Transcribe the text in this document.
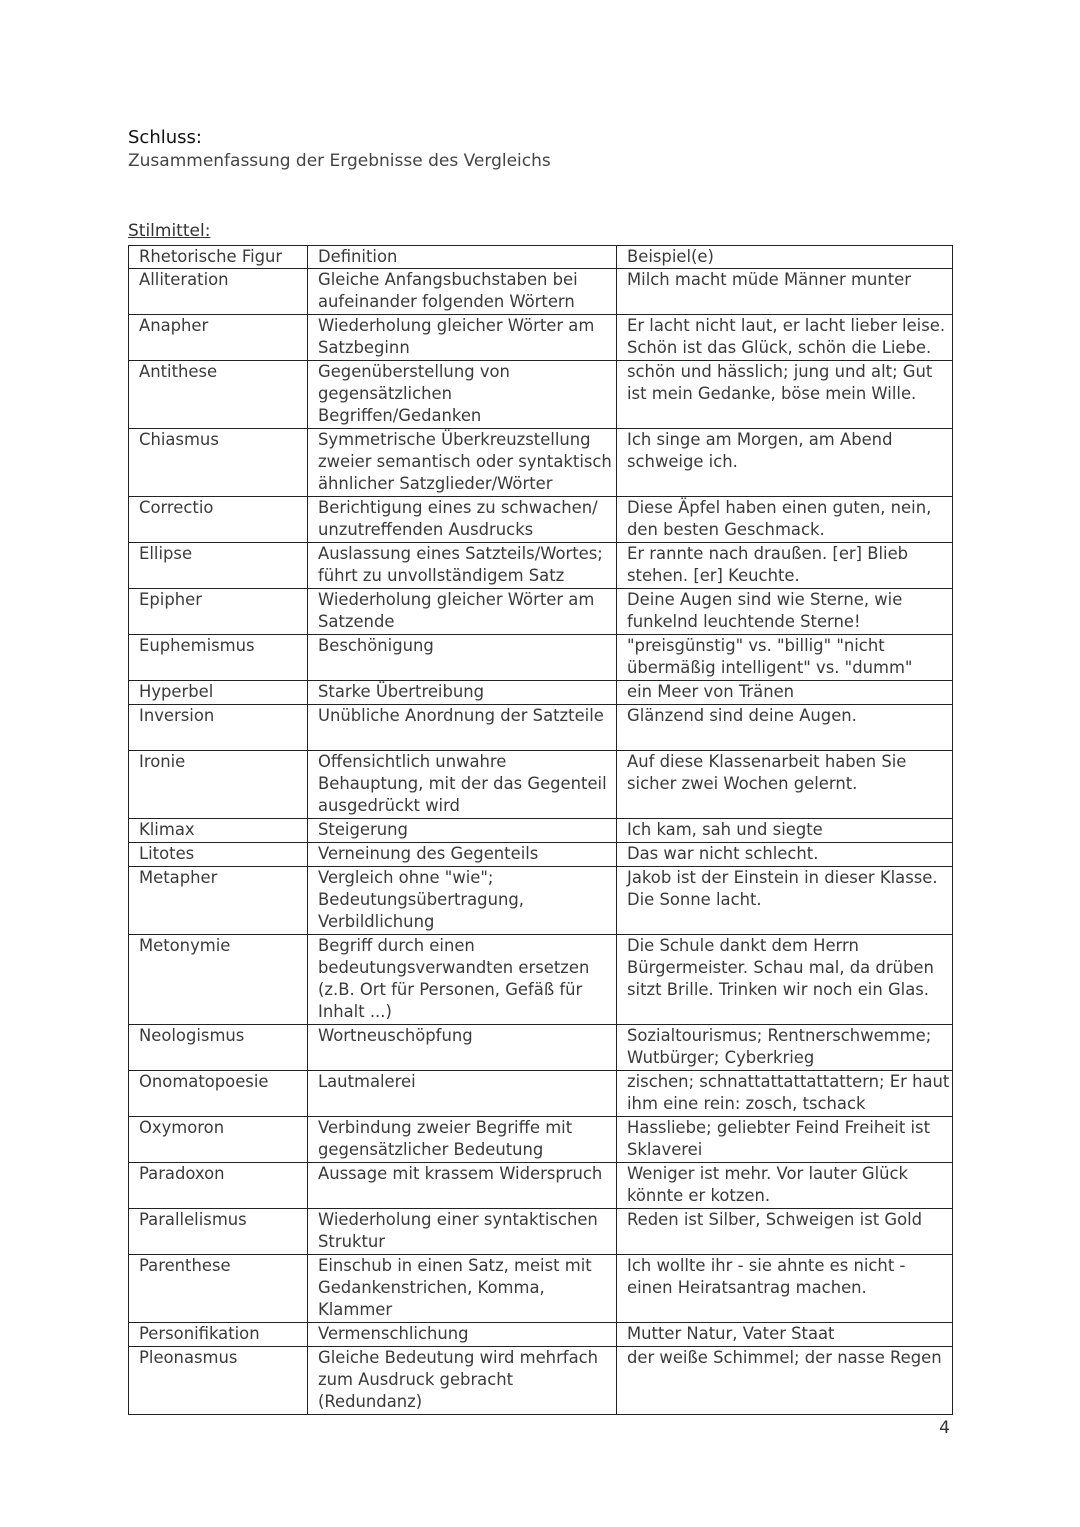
Schluss:

Zusammenfassung der Ergebnisse des Vergleichs

Stilmittel:

Rhetorische Figur	Definition	Beispiel(e)
Alliteration	Gleiche Anfangsbuchstaben bei aufeinander folgenden Wörtern	Milch macht müde Männer munter
Anapher	Wiederholung gleicher Wörter am Satzbeginn	Er lacht nicht laut, er lacht lieber leise. Schön ist das Glück, schön die Liebe.
Antithese	Gegenüberstellung von gegensätzlichen Begriffen/Gedanken	schön und hässlich; jung und alt; Gut ist mein Gedanke, böse mein Wille.
Chiasmus	Symmetrische Überkreuzstellung zweier semantisch oder syntaktisch ähnlicher Satzglieder/Wörter	Ich singe am Morgen, am Abend schweige ich.
Correctio	Berichtigung eines zu schwachen/ unzutreffenden Ausdrucks	Diese Äpfel haben einen guten, nein, den besten Geschmack.
Ellipse	Auslassung eines Satzteils/Wortes; führt zu unvollständigem Satz	Er rannte nach draußen. [er] Blieb stehen. [er] Keuchte.
Epipher	Wiederholung gleicher Wörter am Satzende	Deine Augen sind wie Sterne, wie funkelnd leuchtende Sterne!
Euphemismus	Beschönigung	"preisgünstig" vs. "billig" "nicht übermäßig intelligent" vs. "dumm"
Hyperbel	Starke Übertreibung	ein Meer von Tränen
Inversion	Unübliche Anordnung der Satzteile	Glänzend sind deine Augen.
Ironie	Offensichtlich unwahre Behauptung, mit der das Gegenteil ausgedrückt wird	Auf diese Klassenarbeit haben Sie sicher zwei Wochen gelernt.
Klimax	Steigerung	Ich kam, sah und siegte
Litotes	Verneinung des Gegenteils	Das war nicht schlecht.
Metapher	Vergleich ohne "wie"; Bedeutungsübertragung, Verbildlichung	Jakob ist der Einstein in dieser Klasse. Die Sonne lacht.
Metonymie	Begriff durch einen bedeutungsverwandten ersetzen (z.B. Ort für Personen, Gefäß für Inhalt ...)	Die Schule dankt dem Herrn Bürgermeister. Schau mal, da drüben sitzt Brille. Trinken wir noch ein Glas.
Neologismus	Wortneuschöpfung	Sozialtourismus; Rentnerschwemme; Wutbürger; Cyberkrieg
Onomatopoesie	Lautmalerei	zischen; schnattattattattattern; Er haut ihm eine rein: zosch, tschack
Oxymoron	Verbindung zweier Begriffe mit gegensätzlicher Bedeutung	Hassliebe; geliebter Feind Freiheit ist Sklaverei
Paradoxon	Aussage mit krassem Widerspruch	Weniger ist mehr. Vor lauter Glück könnte er kotzen.
Parallelismus	Wiederholung einer syntaktischen Struktur	Reden ist Silber, Schweigen ist Gold
Parenthese	Einschub in einen Satz, meist mit Gedankenstrichen, Komma, Klammer	Ich wollte ihr - sie ahnte es nicht - einen Heiratsantrag machen.
Personifikation	Vermenschlichung	Mutter Natur, Vater Staat
Pleonasmus	Gleiche Bedeutung wird mehrfach zum Ausdruck gebracht (Redundanz)	der weiße Schimmel; der nasse Regen
4
